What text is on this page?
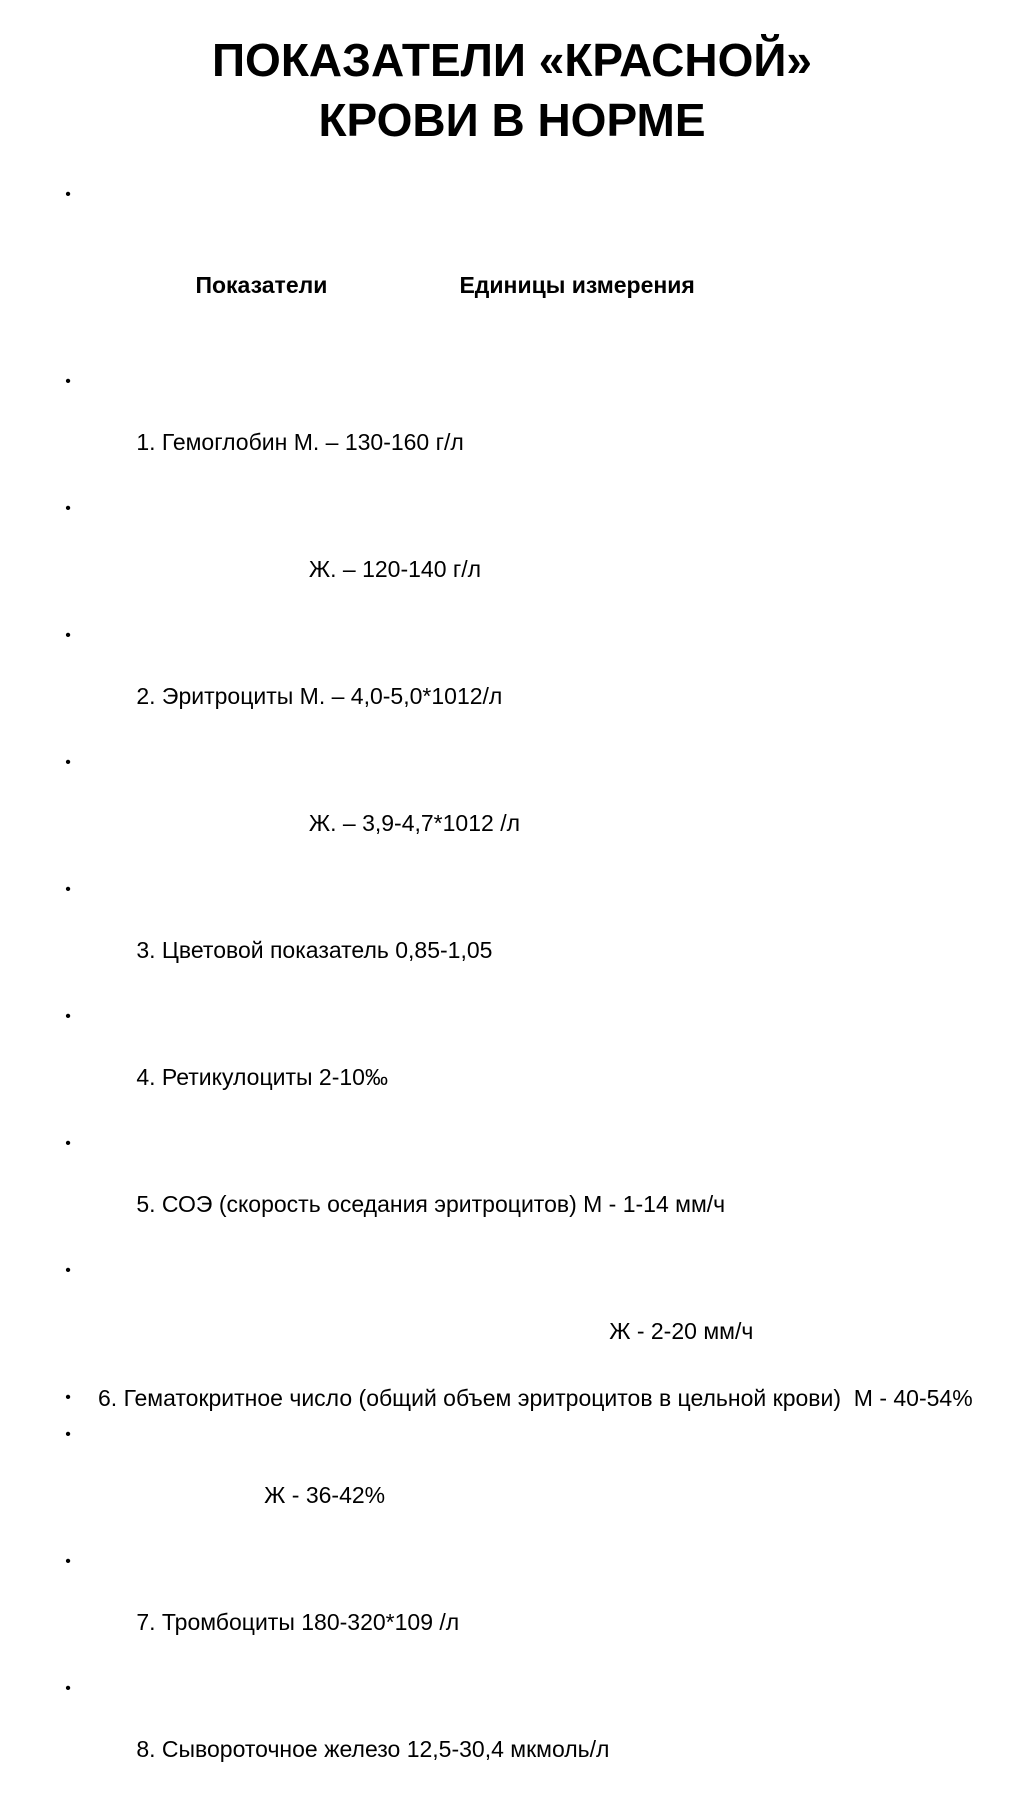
ПОКАЗАТЕЛИ «КРАСНОЙ»
КРОВИ В НОРМЕ

•

Показатели	Единицы измерения

•

1. Гемоглобин М. – 130-160 г/л

•

Ж. – 120-140 г/л

•

2. Эритроциты М. – 4,0-5,0*1012/л

•

Ж. – 3,9-4,7*1012 /л

•

3. Цветовой показатель 0,85-1,05

•

4. Ретикулоциты 2-10‰

•

5. СОЭ (скорость оседания эритроцитов) М - 1-14 мм/ч

•

Ж - 2-20 мм/ч

•	6. Гематокритное число (общий объем эритроцитов в цельной крови)  М - 40-54%

•

Ж - 36-42%

•

7. Тромбоциты 180-320*109 /л

•

8. Сывороточное железо 12,5-30,4 мкмоль/л
